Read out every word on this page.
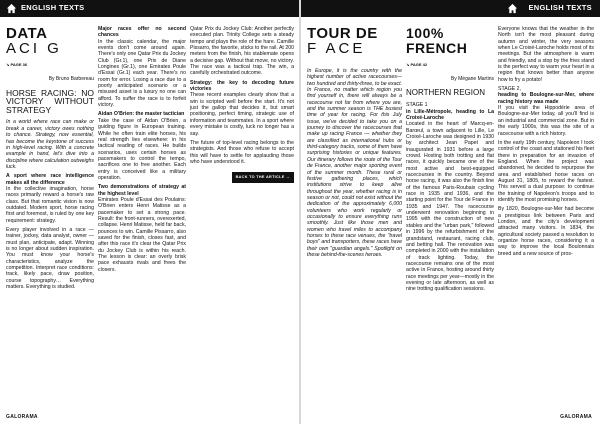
ENGLISH TEXTS
DATA
ACI G
↘ PAGE 36
By Bruno Barbereau
HORSE RACING: NO VICTORY WITHOUT STRATEGY

In a world where race can make or break a career, victory owes nothing to chance. Strategy, now essential, has become the keystone of success in high-level racing. With a concrete example in hand, let's dive into a discipline where calculation outweighs luck.

A sport where race intelligence makes all the difference

In the collective imagination, horse races primarily reward a horse's raw class. But that romantic vision is now outdated. Modern sport, horse racing first and foremost, is ruled by one key requirement: strategy.

Every player involved in a race — trainer, jockey, data analyst, owner — must plan, anticipate, adapt. Winning is no longer about sudden inspiration. You must know your horse's characteristics, analyze the competition. Interpret race conditions: track, likely pace, draw position, course topography… Everything matters. Everything is studied.

Major races offer no second chances

In the classic calendar, the major events don't come around again. There's only one Qatar Prix du Jockey Club (Gr.1), one Prix de Diane Longines (Gr.1), one Emirates Poule d'Essai (Gr.1) each year. There's no room for error. Losing a race due to a poorly anticipated scenario or a misused asset is a luxury no one can afford. To suffer the race is to forfeit victory.

Aidan O'Brien: the master tactician

Take the case of Aidan O'Brien, a guiding figure in European training. While he often train elite horses, his real strength lies elsewhere: in his tactical reading of races. He builds scenarios, uses certain horses as pacemakers to control the tempo, sacrifices one to free another. Each entry is conceived like a military operation.

Two demonstrations of strategy at the highest level

Emirates Poule d'Essai des Poulains: O'Brien enters Henri Matisse as a pacemaker to set a strong pace. Result: the front-runners, overexerted, collapse. Henri Matisse, held far back, pounces to win. Camille Pissarro, also saved for the finish, closes fast, and after this race it's clear the Qatar Prix du Jockey Club is within his reach. The lesson is clear: an overly brisk pace exhausts rivals and frees the closers.

Qatar Prix du Jockey Club: Another perfectly executed plan. Trinity College sets a steady tempo and plays the role of the hare. Camille Pissarro, the favorite, sticks to the rail. At 200 meters from the finish, his stablemate opens a decisive gap. Without that move, no victory. The race was a tactical trap. The win, a carefully orchestrated outcome.

Strategy: the key to decoding future victories

These recent examples clearly show that a win is scripted well before the start. It's not just the gallop that decides it, but smart positioning, perfect timing, strategic use of information and teammates. In a sport where every mistake is costly, luck no longer has a say.

The future of top-level racing belongs to the strategists. And those who refuse to accept this will have to settle for applauding those who have understood it.

BACK TO THE ARTICLE →
GALORAMA
ENGLISH TEXTS
TOUR DE
F ACE

In Europe, it is the country with the highest number of active racecourses—two hundred and thirty-three, to be exact. In France, no matter which region you find yourself in, there will always be a racecourse not far from where you are, and the summer season is THE busiest time of year for racing. For this July issue, we've decided to take you on a journey to discover the racecourses that make up racing France — whether they are classified as international hubs or third-category tracks, some of them have surprising histories or unique features. Our itinerary follows the route of the Tour de France, another major sporting event of the summer month. These rural or festive gathering places, which institutions strive to keep alive throughout the year, whether racing is in season or not, could not exist without the dedication of the approximately 6,000 volunteers who work regularly or occasionally to ensure everything runs smoothly. Just like those men and women who travel miles to accompany horses to these race venues, the "travel boys" and transporters, these races have their own "guardian angels." Spotlight on these behind-the-scenes heroes.

100% FRENCH
↘ PAGE 42
By Mégane Martins
NORTHERN REGION

STAGE 1

in Lille-Métropole, heading to La Croixé-Laroche

Located in the heart of Marcq-en-Barœul, a town adjacent to Lille, Le Croixé-Laroche was designed in 1930 by architect Jean Papet and inaugurated in 1931 before a large crowd. Hosting both trotting and flat races, it quickly became one of the most active and best-equipped racecourses in the country. Beyond horse racing, it was also the finish line of the famous Paris-Roubaix cycling race in 1935 and 1936, and the starting point for the Tour de France in 1935 and 1947. The racecourse underwent renovation beginning in 1995 with the construction of new stables and the "urban park," followed in 1996 by the refurbishment of the grandstand, restaurant, racing club, and betting hall. The renovation was completed in 2000 with the installation of track lighting. Today, the racecourse remains one of the most active in France, hosting around thirty race meetings per year—mostly in the evening or late afternoon, as well as nine trotting qualification sessions.

Everyone knows that the weather in the North isn't the most pleasant during autumn and winter, the very seasons when Le Croixé-Laroche holds most of its meetings. But the atmosphere is warm and friendly, and a stop by the fries stand is the perfect way to warm your heart in a region that knows better than anyone how to fry a potato!

STAGE 2,

heading to Boulogne-sur-Mer, where racing history was made

If you visit the Hippodérie area of Boulogne-sur-Mer today, all you'll find is an industrial and commercial zone. But in the early 1900s, this was the site of a racecourse with a rich history.

In the early 19th century, Napoleon I took control of the coast and stationed his fleet there in preparation for an invasion of England. When the project was abandoned, he decided to repurpose the area and established horse races on August 31, 1805, to reward the fastest. This served a dual purpose: to continue the training of Napoleon's troops and to identify the most promising horses.

By 1820, Boulogne-sur-Mer had become a prestigious link between Paris and London, and the city's development attracted many visitors. In 1834, the agricultural society passed a resolution to organize horse races, considering it a way to improve the local Boulonnais breed and a new source of pros-

GALORAMA
